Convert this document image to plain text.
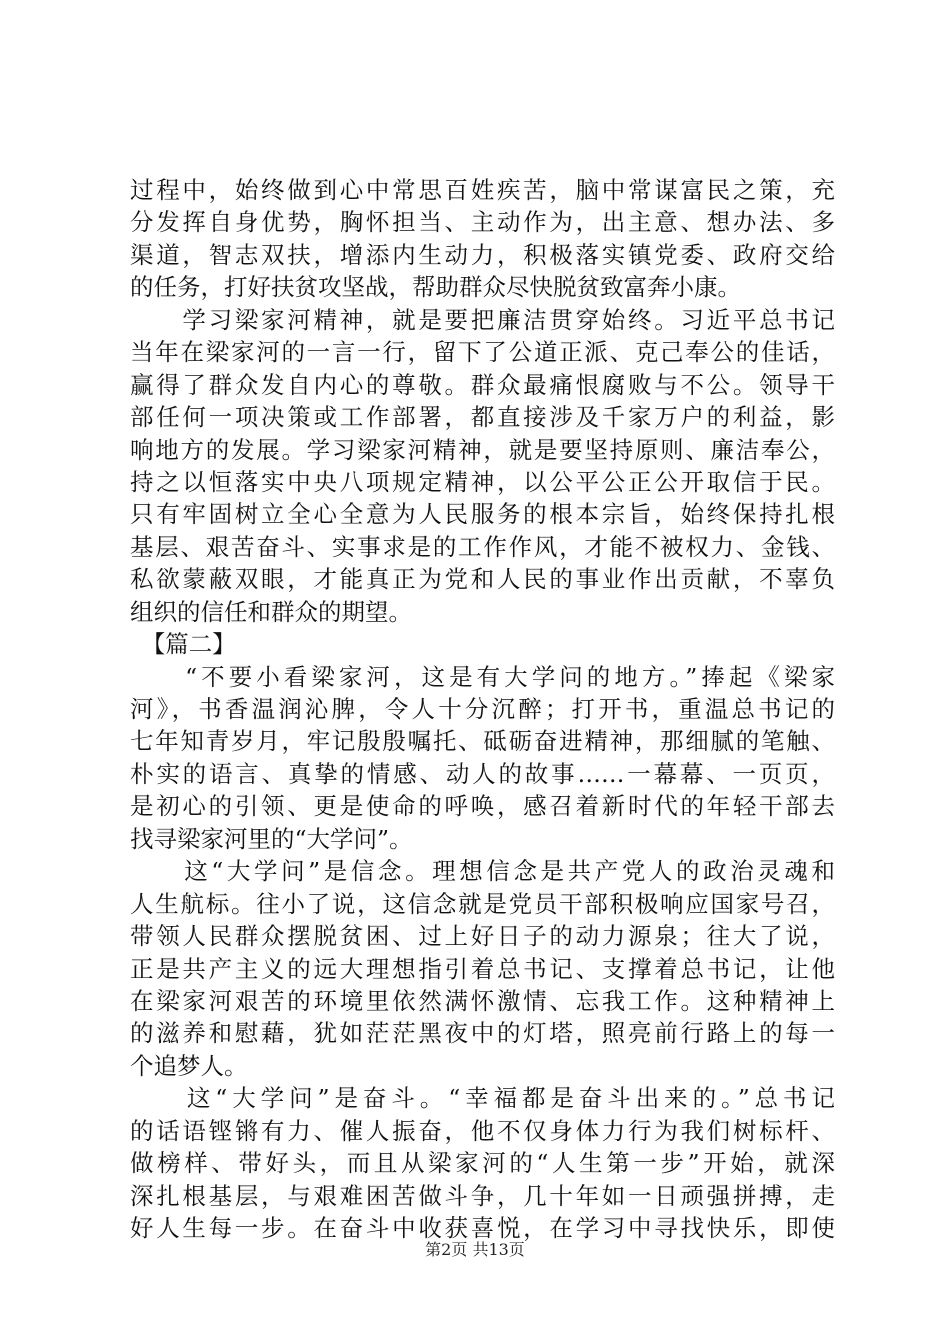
过程中，始终做到心中常思百姓疾苦，脑中常谋富民之策，充
分发挥自身优势，胸怀担当、主动作为，出主意、想办法、多
渠道，智志双扶，增添内生动力，积极落实镇党委、政府交给
的任务，打好扶贫攻坚战，帮助群众尽快脱贫致富奔小康。
　　学习梁家河精神，就是要把廉洁贯穿始终。习近平总书记
当年在梁家河的一言一行，留下了公道正派、克己奉公的佳话，
赢得了群众发自内心的尊敬。群众最痛恨腐败与不公。领导干
部任何一项决策或工作部署，都直接涉及千家万户的利益，影
响地方的发展。学习梁家河精神，就是要坚持原则、廉洁奉公，
持之以恒落实中央八项规定精神，以公平公正公开取信于民。
只有牢固树立全心全意为人民服务的根本宗旨，始终保持扎根
基层、艰苦奋斗、实事求是的工作作风，才能不被权力、金钱、
私欲蒙蔽双眼，才能真正为党和人民的事业作出贡献，不辜负
组织的信任和群众的期望。
　【篇二】
　　“不要小看梁家河，这是有大学问的地方。”捧起《梁家
河》，书香温润沁脾，令人十分沉醉；打开书，重温总书记的
七年知青岁月，牢记殷殷嘱托、砥砺奋进精神，那细腻的笔触、
朴实的语言、真挚的情感、动人的故事……一幕幕、一页页，
是初心的引领、更是使命的呼唤，感召着新时代的年轻干部去
找寻梁家河里的“大学问”。
　　这“大学问”是信念。理想信念是共产党人的政治灵魂和
人生航标。往小了说，这信念就是党员干部积极响应国家号召，
带领人民群众摆脱贫困、过上好日子的动力源泉；往大了说，
正是共产主义的远大理想指引着总书记、支撑着总书记，让他
在梁家河艰苦的环境里依然满怀激情、忘我工作。这种精神上
的滋养和慰藉，犹如茫茫黑夜中的灯塔，照亮前行路上的每一
个追梦人。
　　这“大学问”是奋斗。“幸福都是奋斗出来的。”总书记
的话语铿锵有力、催人振奋，他不仅身体力行为我们树标杆、
做榜样、带好头，而且从梁家河的“人生第一步”开始，就深
深扎根基层，与艰难困苦做斗争，几十年如一日顽强拼搏，走
好人生每一步。在奋斗中收获喜悦，在学习中寻找快乐，即使
第2页 共13页
